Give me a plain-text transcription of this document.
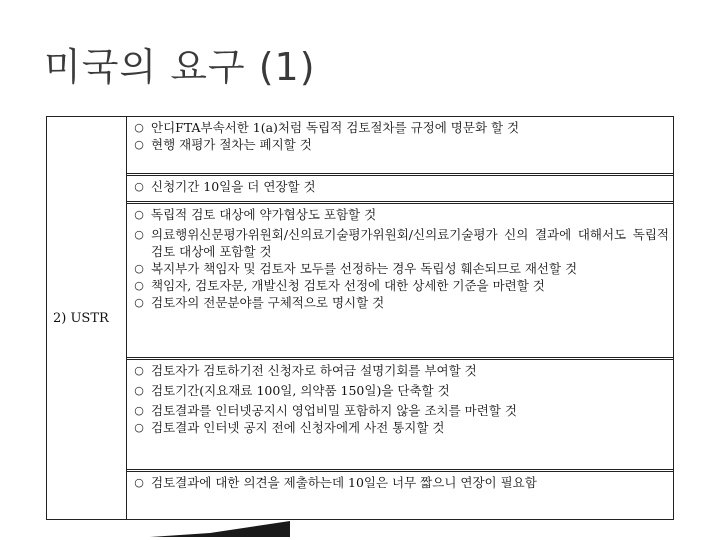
미국의 요구 (1)
2) USTR
○ 안디FTA부속서한 1(a)처럼 독립적 검토절차를 규정에 명문화 할 것
○ 현행 재평가 절차는 폐지할 것
○ 신청기간 10일을 더 연장할 것
○ 독립적 검토 대상에 약가협상도 포함할 것
○ 의료행위신문평가위원회/신의료기술평가위원회/신의료기술평가 신의 결과에 대해서도 독립적 검토 대상에 포함할 것
○ 복지부가 책임자 및 검토자 모두를 선정하는 경우 독립성 훼손되므로 재선할 것
○ 책임자, 검토자문, 개발신청 검토자 선정에 대한 상세한 기준을 마련할 것
○ 검토자의 전문분야를 구체적으로 명시할 것
○ 검토자가 검토하기전 신청자로 하여금 설명기회를 부여할 것
○ 검토기간(지요재료 100일, 의약품 150일)을 단축할 것
○ 검토결과를 인터넷공지시 영업비밀 포함하지 않을 조치를 마련할 것
○ 검토결과 인터넷 공지 전에 신청자에게 사전 통지할 것
○ 검토결과에 대한 의견을 제출하는데 10일은 너무 짧으니 연장이 필요함
